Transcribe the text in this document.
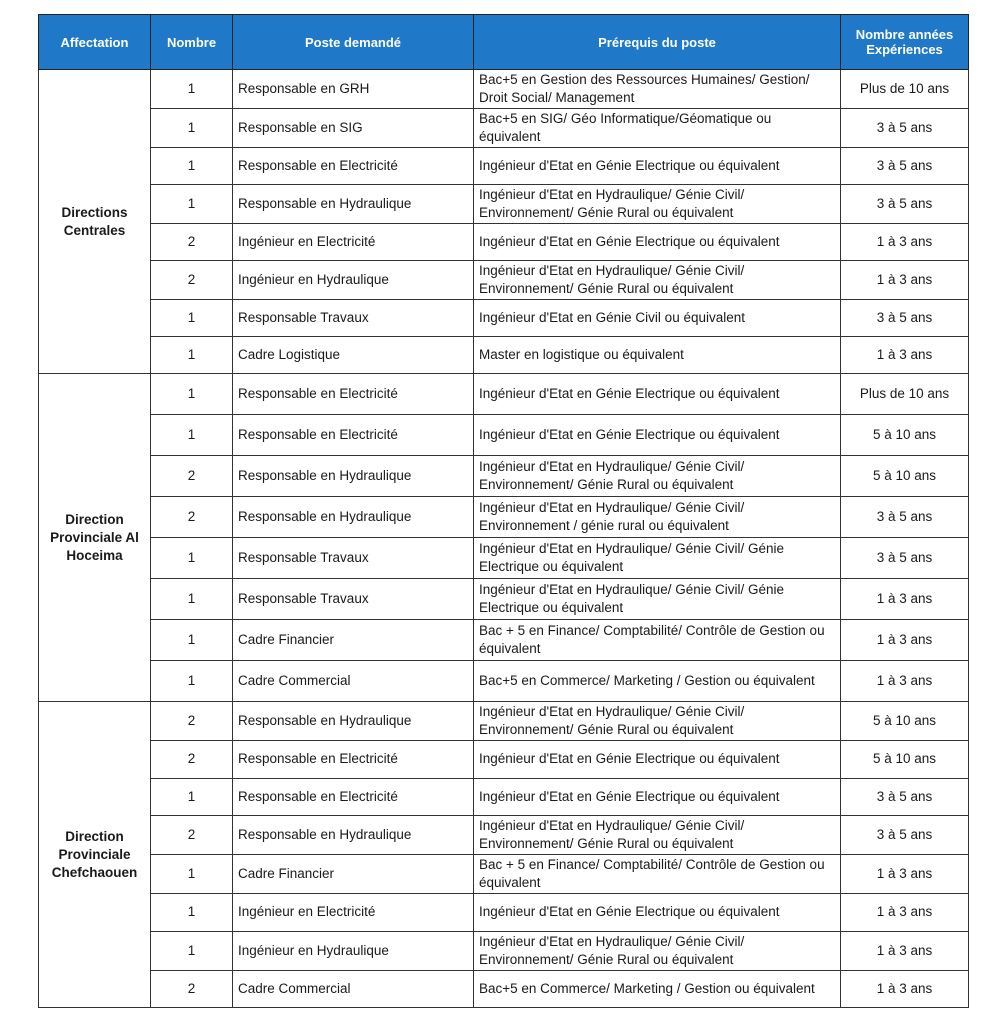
Affectation	Nombre	Poste demandé	Prérequis du poste	Nombre années Expériences
Directions Centrales	1	Responsable en GRH	Bac+5 en Gestion des Ressources Humaines/ Gestion/ Droit Social/ Management	Plus de 10 ans
	1	Responsable en SIG	Bac+5 en SIG/ Géo Informatique/Géomatique ou équivalent	3 à 5 ans
	1	Responsable en Electricité	Ingénieur d'Etat en Génie Electrique ou équivalent	3 à 5 ans
	1	Responsable en Hydraulique	Ingénieur d'Etat en Hydraulique/ Génie Civil/ Environnement/ Génie Rural ou équivalent	3 à 5 ans
	2	Ingénieur en Electricité	Ingénieur d'Etat en Génie Electrique ou équivalent	1 à 3 ans
	2	Ingénieur en Hydraulique	Ingénieur d'Etat en Hydraulique/ Génie Civil/ Environnement/ Génie Rural ou équivalent	1 à 3 ans
	1	Responsable Travaux	Ingénieur d'Etat en Génie Civil ou équivalent	3 à 5 ans
	1	Cadre Logistique	Master en logistique ou équivalent	1 à 3 ans
Direction Provinciale Al Hoceima	1	Responsable en Electricité	Ingénieur d'Etat en Génie Electrique ou équivalent	Plus de 10 ans
	1	Responsable en Electricité	Ingénieur d'Etat en Génie Electrique ou équivalent	5 à 10 ans
	2	Responsable en Hydraulique	Ingénieur d'Etat en Hydraulique/ Génie Civil/ Environnement/ Génie Rural ou équivalent	5 à 10 ans
	2	Responsable en Hydraulique	Ingénieur d'Etat en Hydraulique/ Génie Civil/ Environnement / génie rural ou équivalent	3 à 5 ans
	1	Responsable Travaux	Ingénieur d'Etat en Hydraulique/ Génie Civil/ Génie Electrique ou équivalent	3 à 5 ans
	1	Responsable Travaux	Ingénieur d'Etat en Hydraulique/ Génie Civil/ Génie Electrique ou équivalent	1 à 3 ans
	1	Cadre Financier	Bac + 5 en Finance/ Comptabilité/ Contrôle de Gestion ou équivalent	1 à 3 ans
	1	Cadre Commercial	Bac+5 en Commerce/ Marketing / Gestion ou équivalent	1 à 3 ans
Direction Provinciale Chefchaouen	2	Responsable en Hydraulique	Ingénieur d'Etat en Hydraulique/ Génie Civil/ Environnement/ Génie Rural ou équivalent	5 à 10 ans
	2	Responsable en Electricité	Ingénieur d'Etat en Génie Electrique ou équivalent	5 à 10 ans
	1	Responsable en Electricité	Ingénieur d'Etat en Génie Electrique ou équivalent	3 à 5 ans
	2	Responsable en Hydraulique	Ingénieur d'Etat en Hydraulique/ Génie Civil/ Environnement/ Génie Rural ou équivalent	3 à 5 ans
	1	Cadre Financier	Bac + 5 en Finance/ Comptabilité/ Contrôle de Gestion ou équivalent	1 à 3 ans
	1	Ingénieur en Electricité	Ingénieur d'Etat en Génie Electrique ou équivalent	1 à 3 ans
	1	Ingénieur en Hydraulique	Ingénieur d'Etat en Hydraulique/ Génie Civil/ Environnement/ Génie Rural ou équivalent	1 à 3 ans
	2	Cadre Commercial	Bac+5 en Commerce/ Marketing / Gestion ou équivalent	1 à 3 ans
